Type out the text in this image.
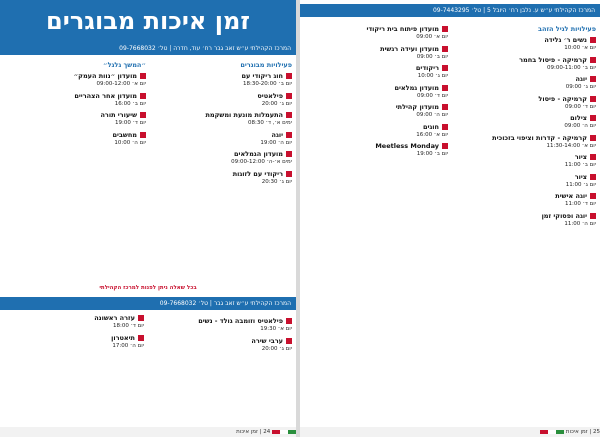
זמן איכות מבוגרים
המרכז הקהילתי ע״ש זאב גבר רח׳ עוד, חדרה | טל׳ 09-7668032
פעילויות מבוגרים
חוג ריקודי עם
יום ב׳ 18:30-20:00
פילאטיס
יום ג׳ 20:00
התעמלות מונעת ומשקמת
ימים א׳, ד׳ 08:30
יוגה
יום ה׳ 19:00
מועדון הגמלאים
ימים א׳-ה׳ 09:00-12:00
ריקודי עם לזוגות
יום ג׳ 20:30
״המשך גלגל״
מועדון ״נוות העמק״
יום א׳ 09:00-12:00
מועדון אחר הצהריים
יום ב׳ 16:00
שיעורי תורה
יום ד׳ 19:00
מחשבים
יום ה׳ 10:00
בכל שאלה ניתן לפנות למרכז הקהילתי
המרכז הקהילתי ע״ש זאב גבר | טל׳ 09-7668032
פילאטיס וזומבה גולד - נשים
יום א׳ 19:30
ערבי שירה
יום ג׳ 20:00
עזרה ראשונה
יום ד׳ 18:00
תיאטרון
יום ה׳ 17:00
24 | זמן איכות
המרכז הקהילתי ע״ש ע. נלבן רח׳ היובל 5 | טל׳ 09-7443295
פעילויות לגיל הזהב
נשים ר׳ גלידה
יום א׳ 10:00
קרמיקה - פיסול בחמר
יום ב׳ 09:00-11:00
יוגה
יום ג׳ 09:00
קרמיקה - פיסול
יום ד׳ 09:00
צילום
יום ה׳ 09:00
קרמיקה - קדרות וציפוי בזכוכית
יום א׳ 11:30-14:00
ציור
יום ב׳ 11:00
ציור
יום ג׳ 11:00
יוגה אישית
יום ד׳ 11:00
יוגה ופסוקי זמן
יום ה׳ 11:00
מועדון פיתוח בית ריקודי
יום א׳ 09:00
מועדון ועידה רגשית
יום ב׳ 09:00
ריקודים
יום ג׳ 10:00
מועדון גמלאים
יום ד׳ 09:00
מועדון קהילתי
יום ה׳ 09:00
חוגים
יום א׳ 16:00
Meetless Monday
יום ב׳ 19:00
25 | זמן איכות
